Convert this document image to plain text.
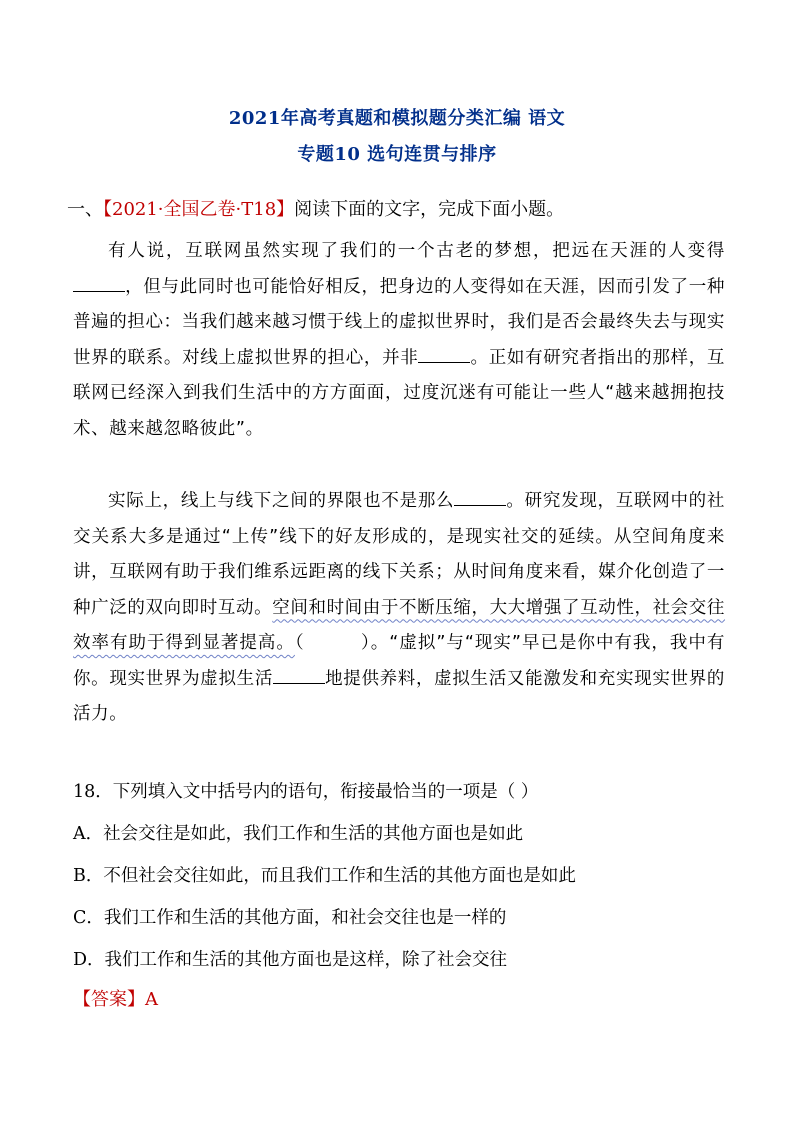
2021年高考真题和模拟题分类汇编 语文
专题10 选句连贯与排序
一、【2021·全国乙卷·T18】阅读下面的文字，完成下面小题。
有人说，互联网虽然实现了我们的一个古老的梦想，把远在天涯的人变得，但与此同时也可能恰好相反，把身边的人变得如在天涯，因而引发了一种普遍的担心：当我们越来越习惯于线上的虚拟世界时，我们是否会最终失去与现实世界的联系。对线上虚拟世界的担心，并非	。正如有研究者指出的那样，互联网已经深入到我们生活中的方方面面，过度沉迷有可能让一些人“越来越拥抱技术、越来越忽略彼此”。
实际上，线上与线下之间的界限也不是那么	。研究发现，互联网中的社交关系大多是通过“上传”线下的好友形成的，是现实社交的延续。从空间角度来讲，互联网有助于我们维系远距离的线下关系；从时间角度来看，媒介化创造了一种广泛的双向即时互动。空间和时间由于不断压缩，大大增强了互动性，社会交往效率有助于得到显著提高。（	）。“虚拟”与“现实”早已是你中有我，我中有你。现实世界为虚拟生活	地提供养料，虚拟生活又能激发和充实现实世界的活力。
18．下列填入文中括号内的语句，衔接最恰当的一项是（ ）
A．社会交往是如此，我们工作和生活的其他方面也是如此
B．不但社会交往如此，而且我们工作和生活的其他方面也是如此
C．我们工作和生活的其他方面，和社会交往也是一样的
D．我们工作和生活的其他方面也是这样，除了社会交往
【答案】A
